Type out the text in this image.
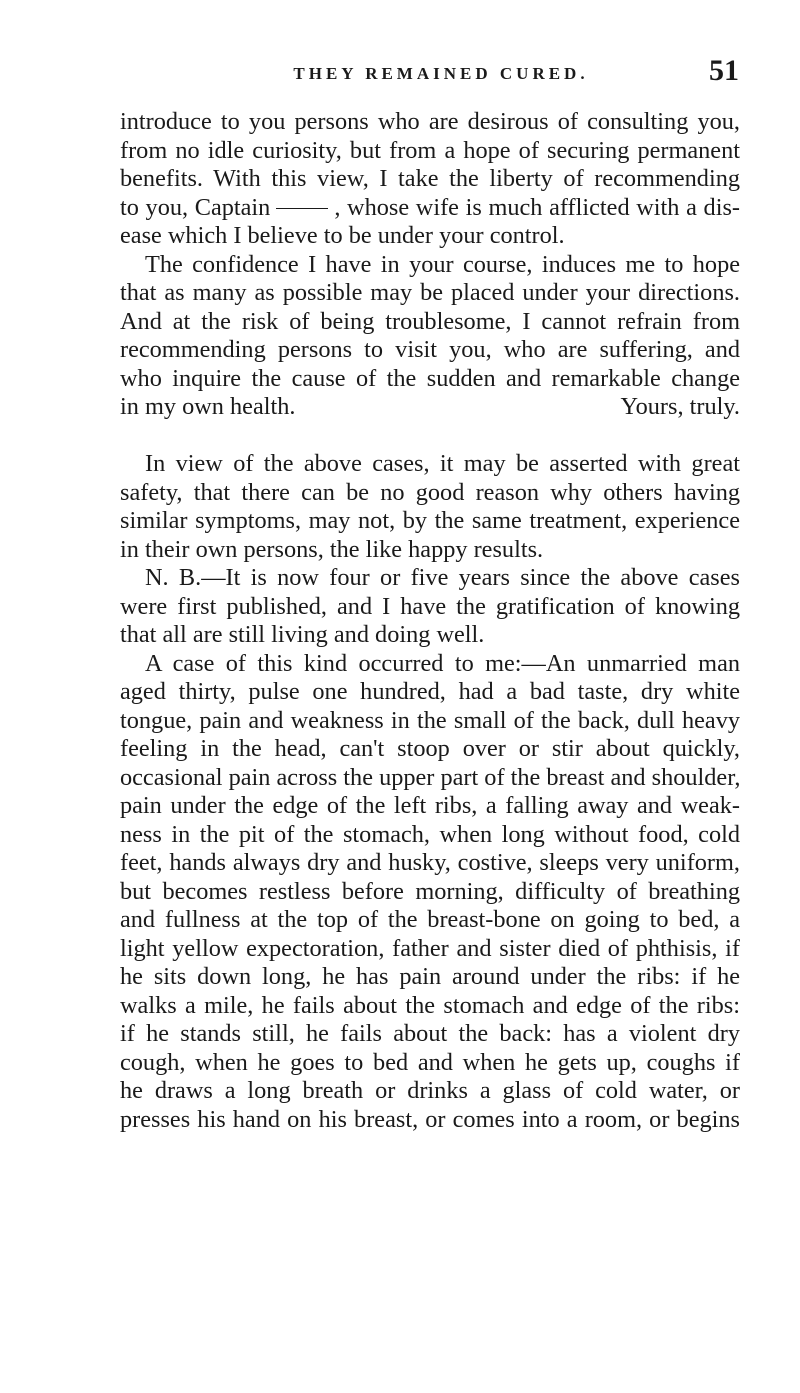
THEY REMAINED CURED.	51
introduce to you persons who are desirous of consulting you,
from no idle curiosity, but from a hope of securing permanent
benefits. With this view, I take the liberty of recommending
to you, Captain	, whose wife is much afflicted with a dis-
ease which I believe to be under your control.
The confidence I have in your course, induces me to hope
that as many as possible may be placed under your directions.
And at the risk of being troublesome, I cannot refrain from
recommending persons to visit you, who are suffering, and
who inquire the cause of the sudden and remarkable change
in my own health.	Yours, truly.
In view of the above cases, it may be asserted with great
safety, that there can be no good reason why others having
similar symptoms, may not, by the same treatment, experience
in their own persons, the like happy results.
N. B.—It is now four or five years since the above cases
were first published, and I have the gratification of knowing
that all are still living and doing well.
A case of this kind occurred to me:—An unmarried man
aged thirty, pulse one hundred, had a bad taste, dry white
tongue, pain and weakness in the small of the back, dull heavy
feeling in the head, can't stoop over or stir about quickly,
occasional pain across the upper part of the breast and shoulder,
pain under the edge of the left ribs, a falling away and weak-
ness in the pit of the stomach, when long without food, cold
feet, hands always dry and husky, costive, sleeps very uniform,
but becomes restless before morning, difficulty of breathing
and fullness at the top of the breast-bone on going to bed, a
light yellow expectoration, father and sister died of phthisis, if
he sits down long, he has pain around under the ribs: if he
walks a mile, he fails about the stomach and edge of the ribs:
if he stands still, he fails about the back: has a violent dry
cough, when he goes to bed and when he gets up, coughs if
he draws a long breath or drinks a glass of cold water, or
presses his hand on his breast, or comes into a room, or begins
